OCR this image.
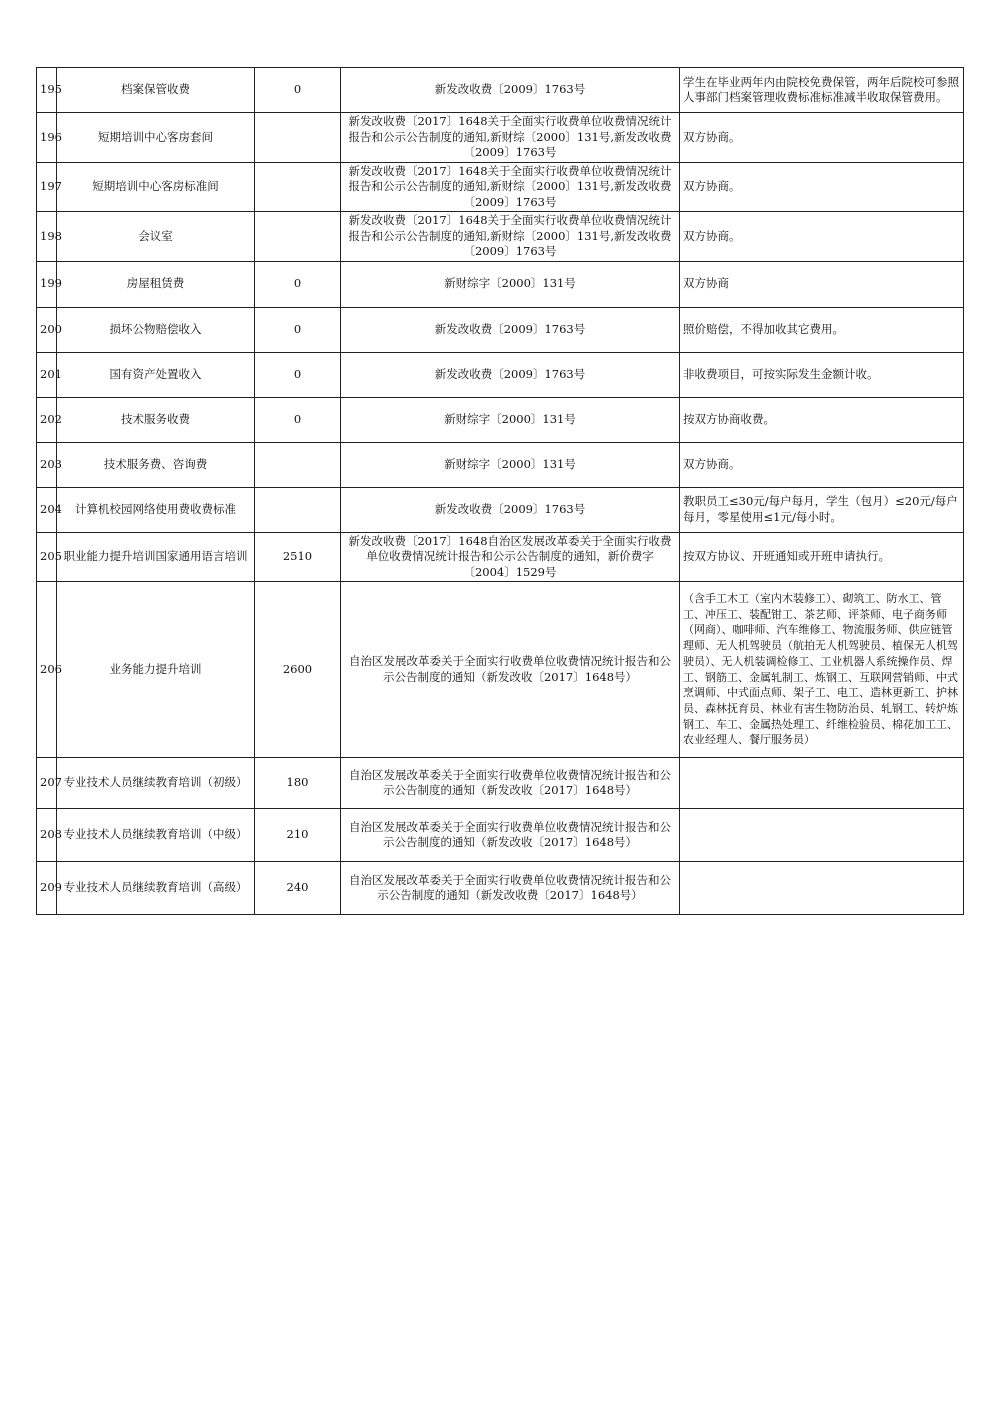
195	档案保管收费	0	新发改收费〔2009〕1763号	学生在毕业两年内由院校免费保管，两年后院校可参照人事部门档案管理收费标准标准减半收取保管费用。
196	短期培训中心客房套间		新发改收费〔2017〕1648关于全面实行收费单位收费情况统计报告和公示公告制度的通知,新财综〔2000〕131号,新发改收费〔2009〕1763号	双方协商。
197	短期培训中心客房标准间		新发改收费〔2017〕1648关于全面实行收费单位收费情况统计报告和公示公告制度的通知,新财综〔2000〕131号,新发改收费〔2009〕1763号	双方协商。
198	会议室		新发改收费〔2017〕1648关于全面实行收费单位收费情况统计报告和公示公告制度的通知,新财综〔2000〕131号,新发改收费〔2009〕1763号	双方协商。
199	房屋租赁费	0	新财综字〔2000〕131号	双方协商
200	损坏公物赔偿收入	0	新发改收费〔2009〕1763号	照价赔偿，不得加收其它费用。
201	国有资产处置收入	0	新发改收费〔2009〕1763号	非收费项目，可按实际发生金额计收。
202	技术服务收费	0	新财综字〔2000〕131号	按双方协商收费。
203	技术服务费、咨询费		新财综字〔2000〕131号	双方协商。
204	计算机校园网络使用费收费标准		新发改收费〔2009〕1763号	教职员工≤30元/每户每月，学生（包月）≤20元/每户每月，零星使用≤1元/每小时。
205	职业能力提升培训国家通用语言培训	2510	新发改收费〔2017〕1648自治区发展改革委关于全面实行收费单位收费情况统计报告和公示公告制度的通知，新价费字〔2004〕1529号	按双方协议、开班通知或开班申请执行。
206	业务能力提升培训	2600	自治区发展改革委关于全面实行收费单位收费情况统计报告和公示公告制度的通知（新发改收〔2017〕1648号）	（含手工木工（室内木装修工）、砌筑工、防水工、管工、冲压工、装配钳工、茶艺师、评茶师、电子商务师（网商）、咖啡师、汽车维修工、物流服务师、供应链管理师、无人机驾驶员（航拍无人机驾驶员、植保无人机驾驶员）、无人机装调检修工、工业机器人系统操作员、焊工、钢筋工、金属轧制工、炼钢工、互联网营销师、中式烹调师、中式面点师、架子工、电工、造林更新工、护林员、森林抚育员、林业有害生物防治员、轧钢工、转炉炼钢工、车工、金属热处理工、纤维检验员、棉花加工工、农业经理人、餐厅服务员）
207	专业技术人员继续教育培训（初级）	180	自治区发展改革委关于全面实行收费单位收费情况统计报告和公示公告制度的通知（新发改收〔2017〕1648号）	
208	专业技术人员继续教育培训（中级）	210	自治区发展改革委关于全面实行收费单位收费情况统计报告和公示公告制度的通知（新发改收〔2017〕1648号）	
209	专业技术人员继续教育培训（高级）	240	自治区发展改革委关于全面实行收费单位收费情况统计报告和公示公告制度的通知（新发改收费〔2017〕1648号）	
